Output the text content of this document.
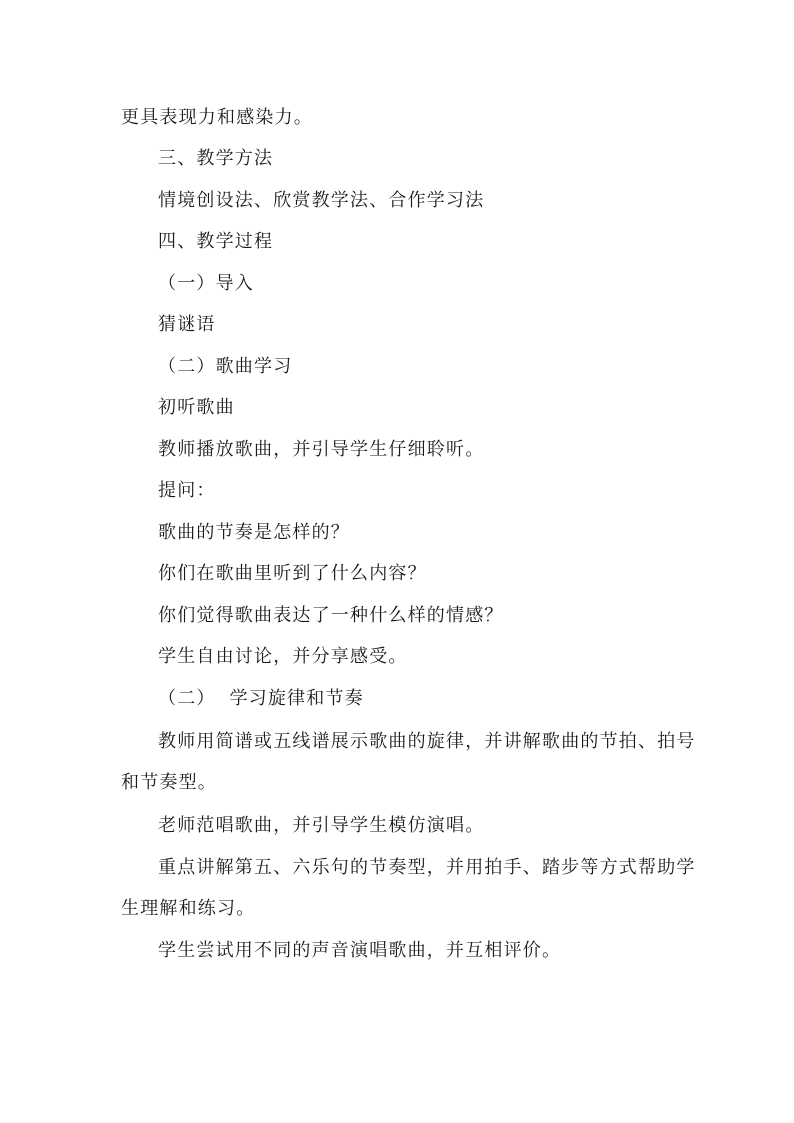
更具表现力和感染力。

三、教学方法

情境创设法、欣赏教学法、合作学习法

四、教学过程

（一）导入

猜谜语

（二）歌曲学习

初听歌曲

教师播放歌曲，并引导学生仔细聆听。

提问：

歌曲的节奏是怎样的？

你们在歌曲里听到了什么内容？

你们觉得歌曲表达了一种什么样的情感？

学生自由讨论，并分享感受。

（二）  学习旋律和节奏

教师用简谱或五线谱展示歌曲的旋律，并讲解歌曲的节拍、拍号

和节奏型。

老师范唱歌曲，并引导学生模仿演唱。

重点讲解第五、六乐句的节奏型，并用拍手、踏步等方式帮助学

生理解和练习。

学生尝试用不同的声音演唱歌曲，并互相评价。
